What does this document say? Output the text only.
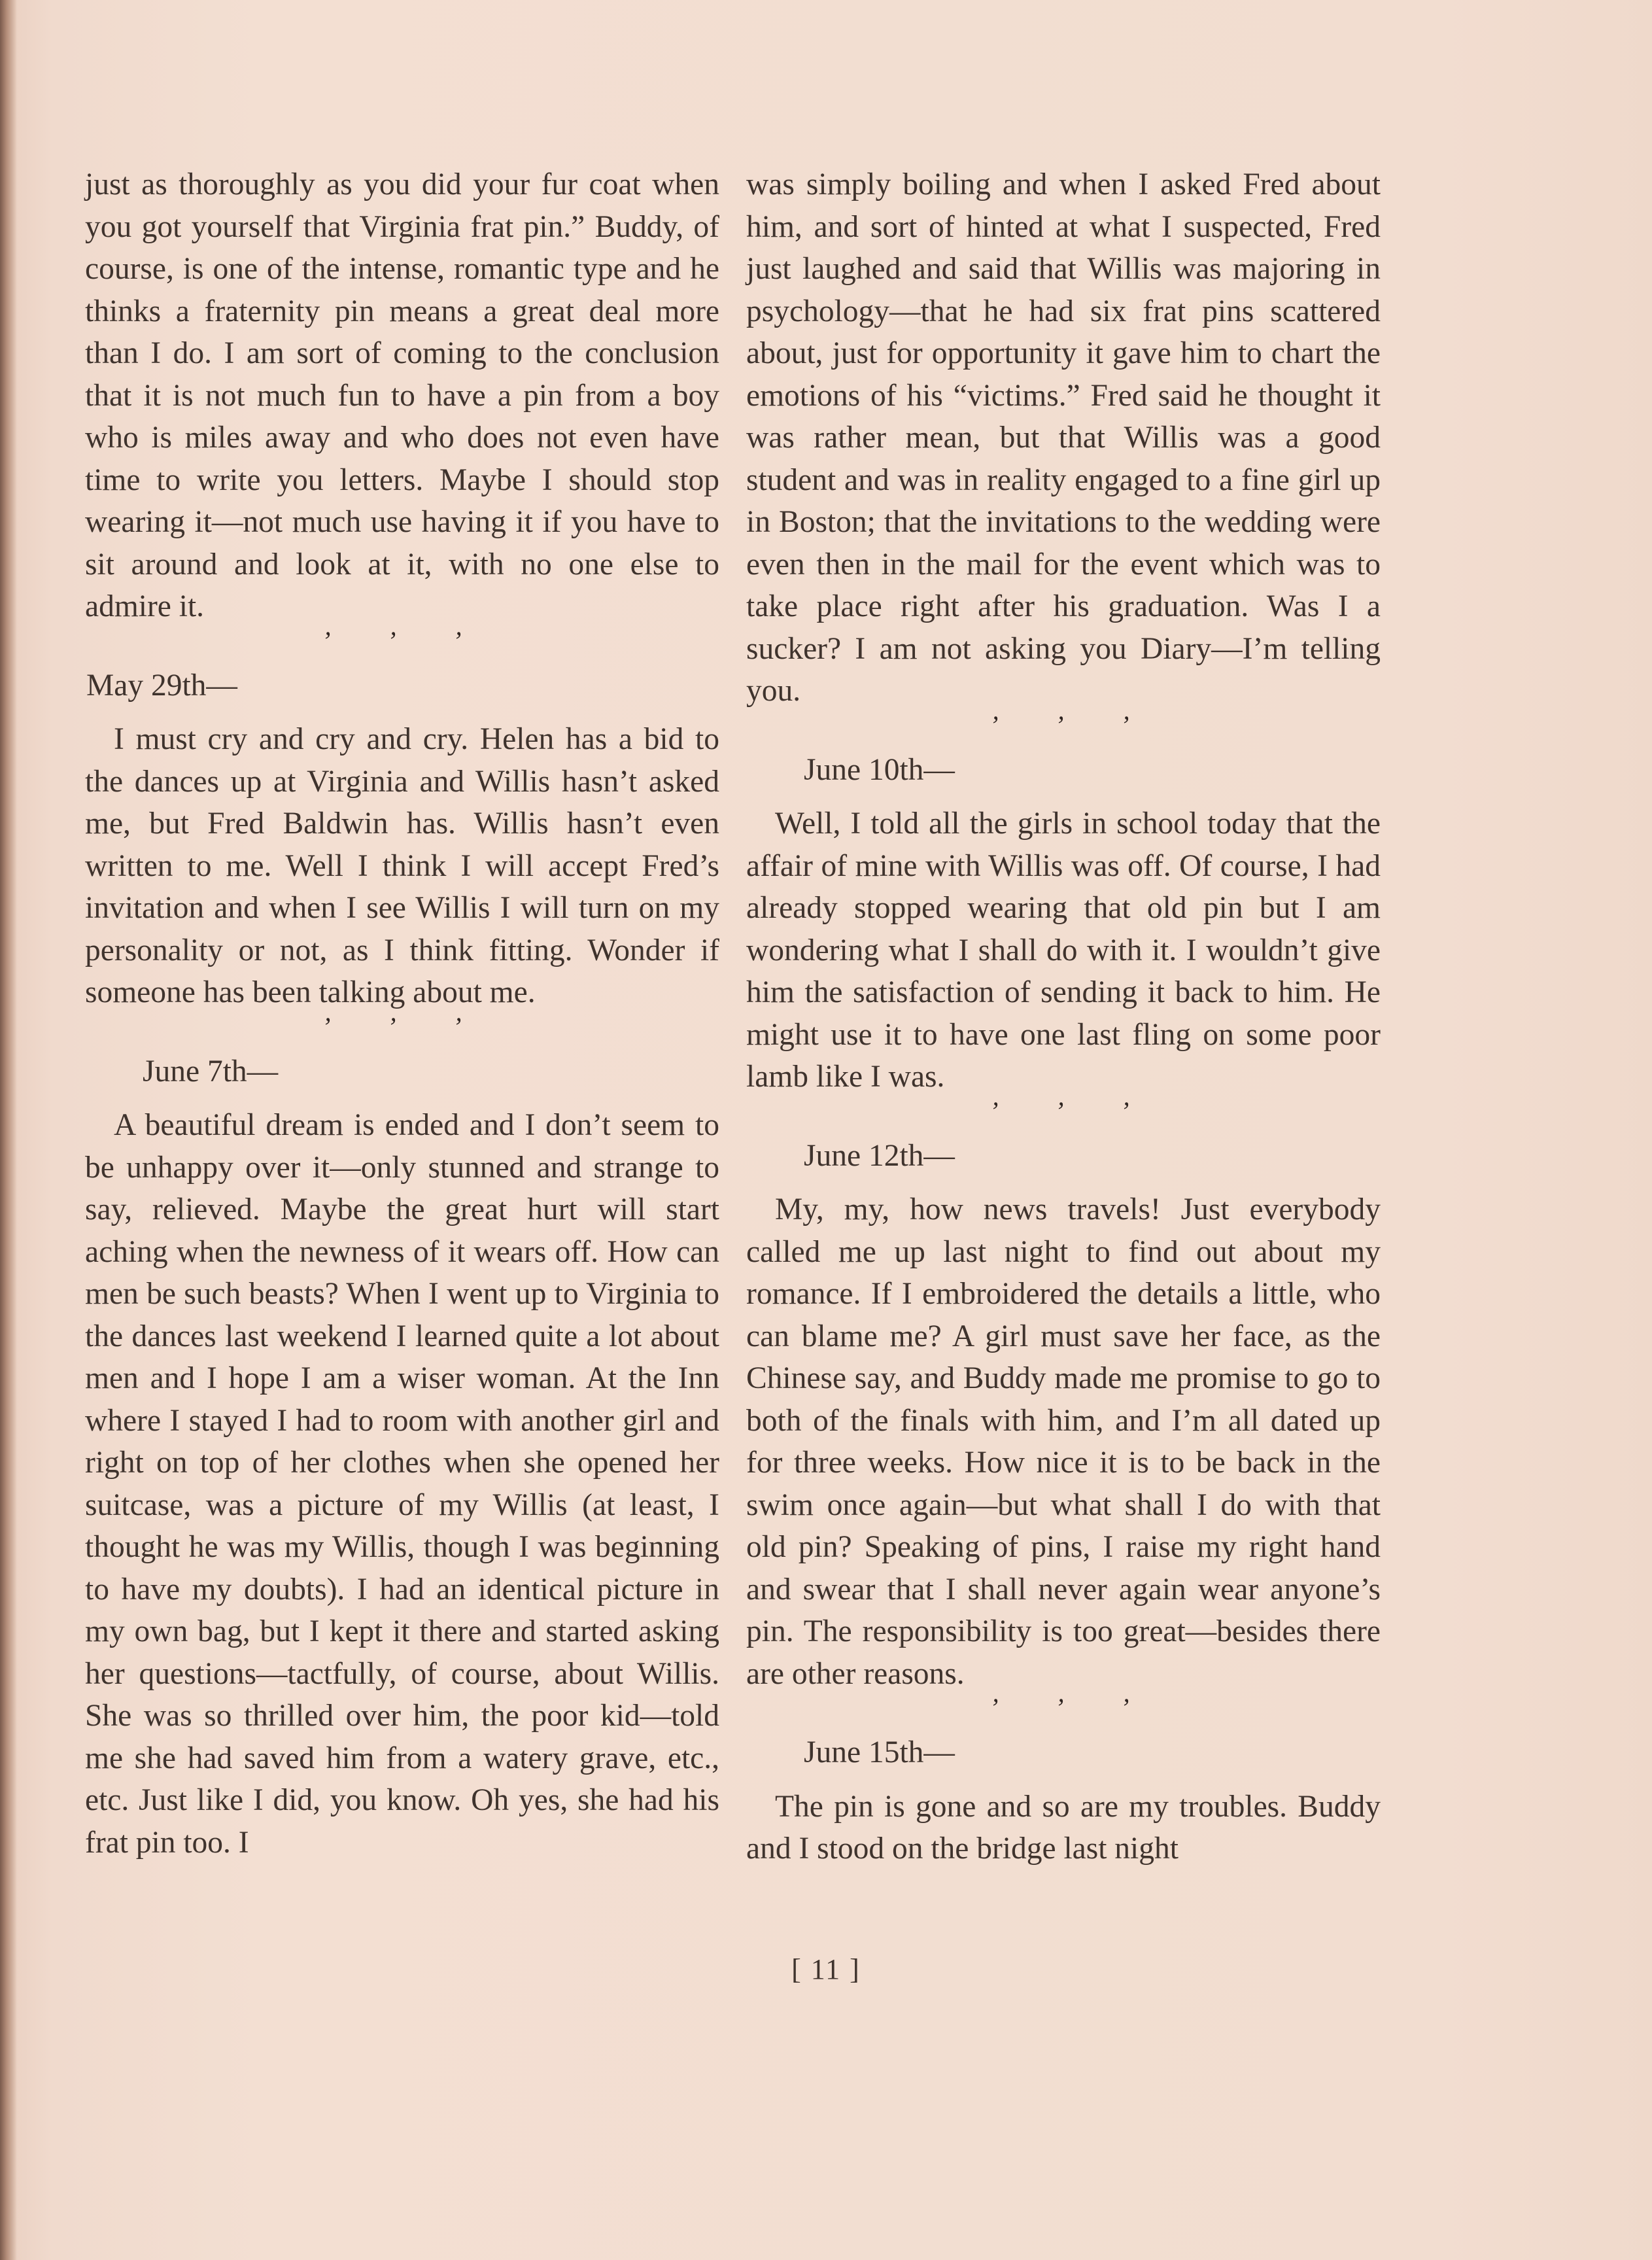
just as thoroughly as you did your fur coat when you got yourself that Virginia frat pin.” Buddy, of course, is one of the intense, romantic type and he thinks a fraternity pin means a great deal more than I do. I am sort of coming to the conclusion that it is not much fun to have a pin from a boy who is miles away and who does not even have time to write you letters. Maybe I should stop wearing it—not much use having it if you have to sit around and look at it, with no one else to admire it.

’ ’ ’

May 29th—

I must cry and cry and cry. Helen has a bid to the dances up at Virginia and Willis hasn’t asked me, but Fred Baldwin has. Willis hasn’t even written to me. Well I think I will accept Fred’s invitation and when I see Willis I will turn on my personality or not, as I think fitting. Wonder if someone has been talking about me.

’ ’ ’

June 7th—

A beautiful dream is ended and I don’t seem to be unhappy over it—only stunned and strange to say, relieved. Maybe the great hurt will start aching when the newness of it wears off. How can men be such beasts? When I went up to Virginia to the dances last weekend I learned quite a lot about men and I hope I am a wiser woman. At the Inn where I stayed I had to room with another girl and right on top of her clothes when she opened her suitcase, was a picture of my Willis (at least, I thought he was my Willis, though I was beginning to have my doubts). I had an identical picture in my own bag, but I kept it there and started asking her questions—tactfully, of course, about Willis. She was so thrilled over him, the poor kid—told me she had saved him from a watery grave, etc., etc. Just like I did, you know. Oh yes, she had his frat pin too. I

was simply boiling and when I asked Fred about him, and sort of hinted at what I suspected, Fred just laughed and said that Willis was majoring in psychology—that he had six frat pins scattered about, just for opportunity it gave him to chart the emotions of his “victims.” Fred said he thought it was rather mean, but that Willis was a good student and was in reality engaged to a fine girl up in Boston; that the invitations to the wedding were even then in the mail for the event which was to take place right after his graduation. Was I a sucker? I am not asking you Diary—I’m telling you.

’ ’ ’

June 10th—

Well, I told all the girls in school today that the affair of mine with Willis was off. Of course, I had already stopped wearing that old pin but I am wondering what I shall do with it. I wouldn’t give him the satisfaction of sending it back to him. He might use it to have one last fling on some poor lamb like I was.

’ ’ ’

June 12th—

My, my, how news travels! Just everybody called me up last night to find out about my romance. If I embroidered the details a little, who can blame me? A girl must save her face, as the Chinese say, and Buddy made me promise to go to both of the finals with him, and I’m all dated up for three weeks. How nice it is to be back in the swim once again—but what shall I do with that old pin? Speaking of pins, I raise my right hand and swear that I shall never again wear anyone’s pin. The responsibility is too great—besides there are other reasons.

’ ’ ’

June 15th—

The pin is gone and so are my troubles. Buddy and I stood on the bridge last night

[ 11 ]
